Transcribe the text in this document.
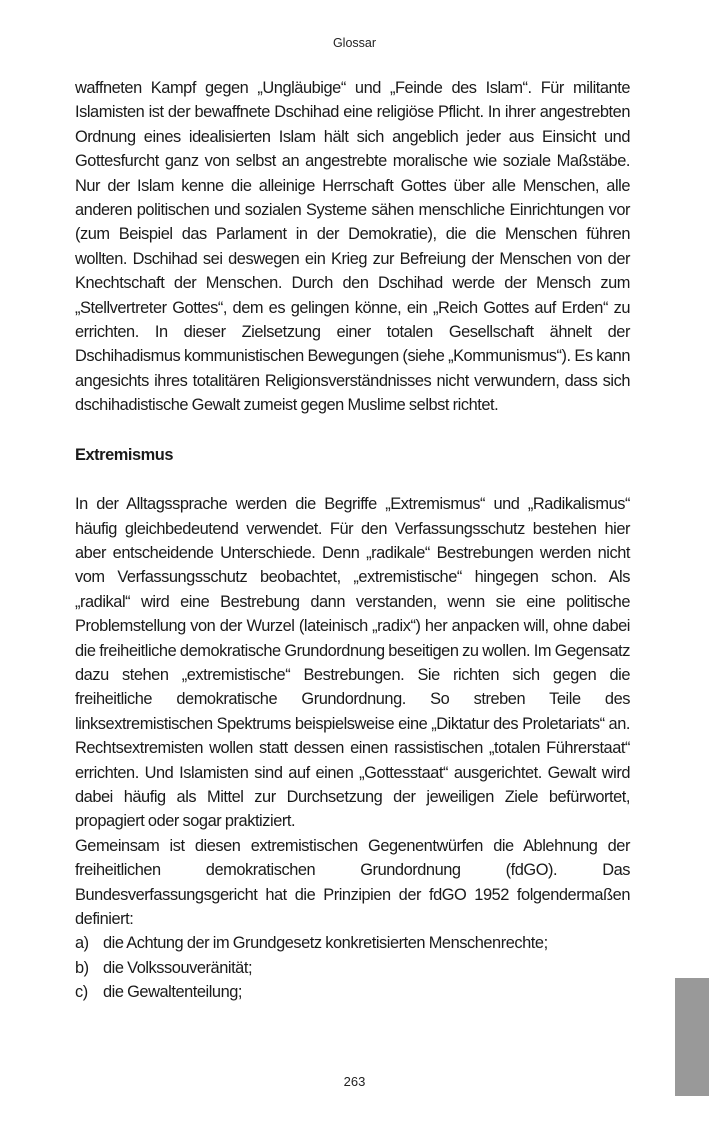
Glossar

waffneten Kampf gegen „Ungläubige“ und „Feinde des Islam“. Für militante Islamisten ist der bewaffnete Dschihad eine religiöse Pflicht. In ihrer angestrebten Ordnung eines idealisierten Islam hält sich angeblich jeder aus Einsicht und Gottesfurcht ganz von selbst an angestrebte moralische wie soziale Maßstäbe. Nur der Islam kenne die alleinige Herrschaft Gottes über alle Menschen, alle anderen politischen und sozialen Systeme sähen menschliche Einrichtungen vor (zum Beispiel das Parlament in der Demokratie), die die Menschen führen wollten. Dschihad sei deswegen ein Krieg zur Befreiung der Menschen von der Knechtschaft der Menschen. Durch den Dschihad werde der Mensch zum „Stellvertreter Gottes“, dem es gelingen könne, ein „Reich Gottes auf Erden“ zu errichten. In dieser Zielsetzung einer totalen Gesellschaft ähnelt der Dschihadismus kommunistischen Bewegungen (siehe „Kommunismus“). Es kann angesichts ihres totalitären Religionsverständnisses nicht verwundern, dass sich dschihadistische Gewalt zumeist gegen Muslime selbst richtet.

Extremismus

In der Alltagssprache werden die Begriffe „Extremismus“ und „Radikalismus“ häufig gleichbedeutend verwendet. Für den Verfassungsschutz bestehen hier aber entscheidende Unterschiede. Denn „radikale“ Bestrebungen werden nicht vom Verfassungsschutz beobachtet, „extremistische“ hingegen schon. Als „radikal“ wird eine Bestrebung dann verstanden, wenn sie eine politische Problemstellung von der Wurzel (lateinisch „radix“) her anpacken will, ohne dabei die freiheitliche demokratische Grundordnung beseitigen zu wollen. Im Gegensatz dazu stehen „extremistische“ Bestrebungen. Sie richten sich gegen die freiheitliche demokratische Grundordnung. So streben Teile des linksextremistischen Spektrums beispielsweise eine „Diktatur des Proletariats“ an. Rechtsextremisten wollen statt dessen einen rassistischen „totalen Führerstaat“ errichten. Und Islamisten sind auf einen „Gottesstaat“ ausgerichtet. Gewalt wird dabei häufig als Mittel zur Durchsetzung der jeweiligen Ziele befürwortet, propagiert oder sogar praktiziert.

Gemeinsam ist diesen extremistischen Gegenentwürfen die Ablehnung der freiheitlichen demokratischen Grundordnung (fdGO). Das Bundesverfassungsgericht hat die Prinzipien der fdGO 1952 folgendermaßen definiert:

a) die Achtung der im Grundgesetz konkretisierten Menschenrechte;
b) die Volkssouveränität;
c) die Gewaltenteilung;
263
